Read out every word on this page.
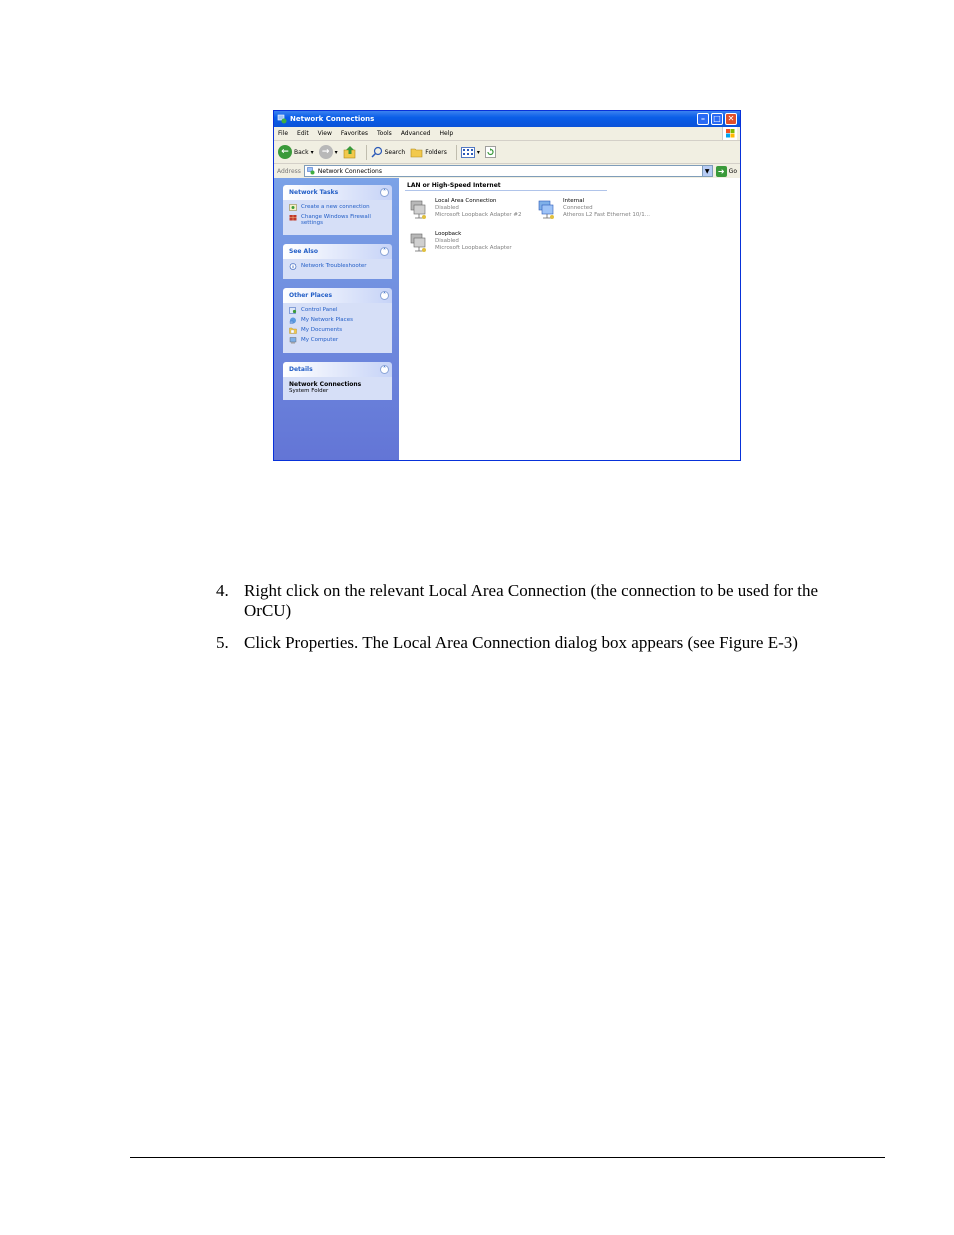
Network Connections	– □ ✕
File Edit View Favorites Tools Advanced Help
← Back ▾ → ▾	Search	Folders	▾
Address	Network Connections	▼ ➜ Go
Network Tasks	˄
Create a new connection
Change Windows Firewall settings
See Also	˄
Network Troubleshooter
Other Places	˄
Control Panel
My Network Places
My Documents
My Computer
Details	˄
Network Connections
System Folder
LAN or High-Speed Internet
Local Area Connection
Disabled
Microsoft Loopback Adapter #2
Internal
Connected
Atheros L2 Fast Ethernet 10/1...
Loopback
Disabled
Microsoft Loopback Adapter
4. Right click on the relevant Local Area Connection (the connection to be used for the
OrCU)
5. Click Properties. The Local Area Connection dialog box appears (see Figure E-3)
